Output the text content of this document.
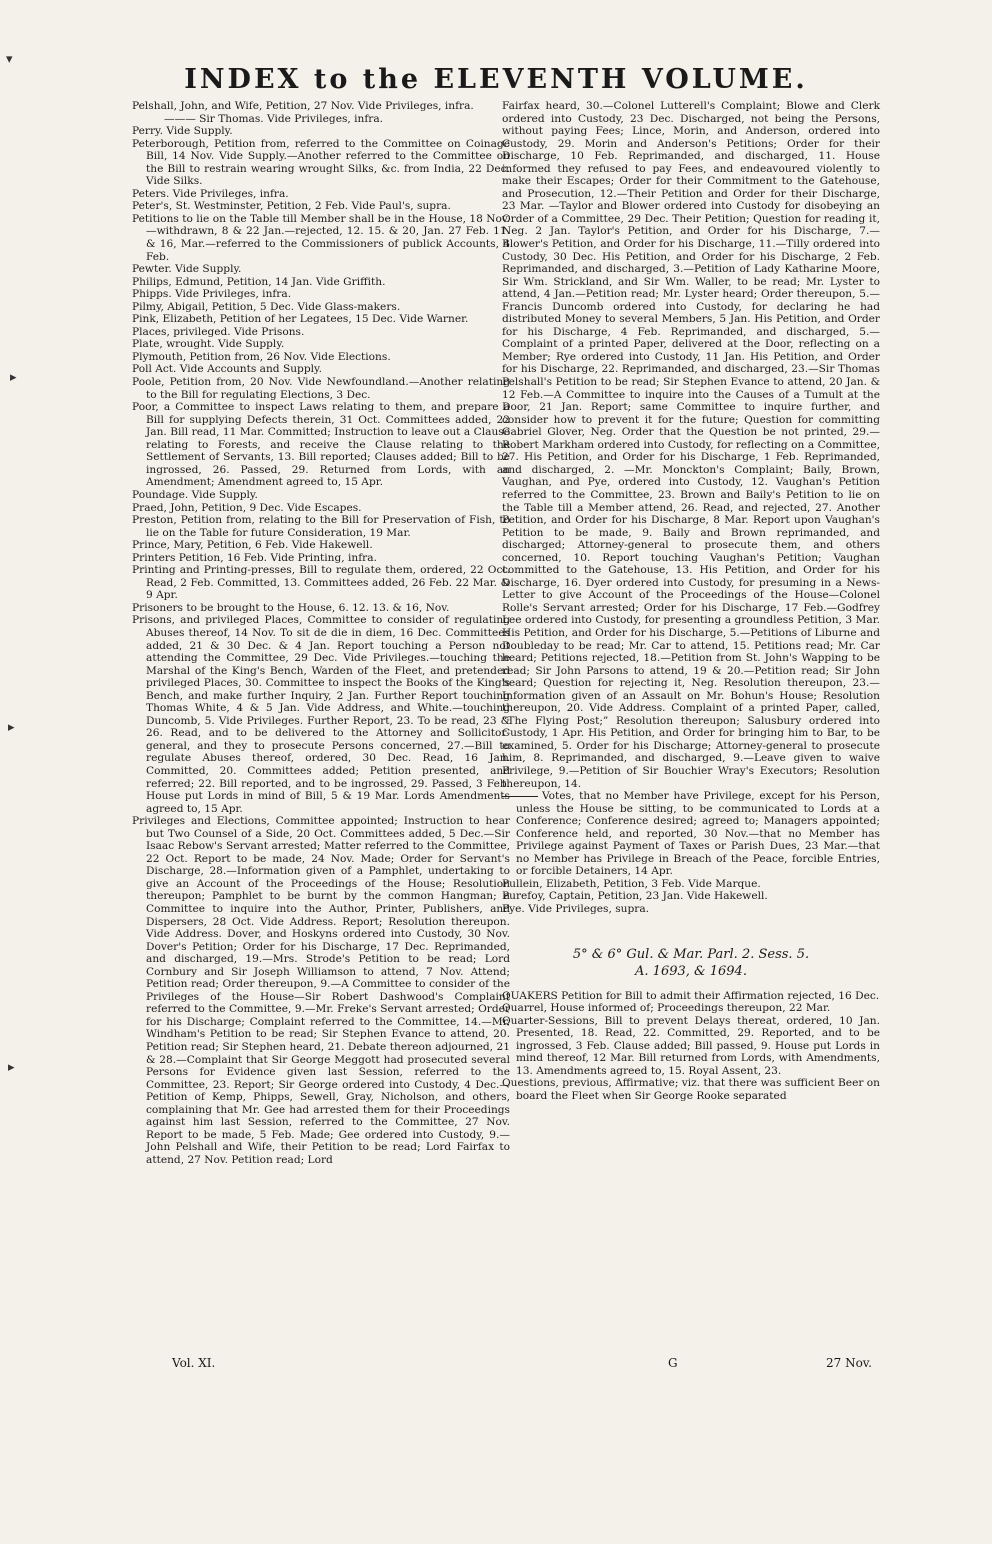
INDEX to the ELEVENTH VOLUME.
▾
▸
▸
▸

Pelshall, John, and Wife, Petition, 27 Nov. Vide Privileges, infra.

——— Sir Thomas. Vide Privileges, infra.

Perry. Vide Supply.

Peterborough, Petition from, referred to the Committee on Coinage Bill, 14 Nov. Vide Supply.—Another referred to the Committee on the Bill to restrain wearing wrought Silks, &c. from India, 22 Dec. Vide Silks.

Peters. Vide Privileges, infra.

Peter's, St. Westminster, Petition, 2 Feb. Vide Paul's, supra.

Petitions to lie on the Table till Member shall be in the House, 18 Nov.—withdrawn, 8 & 22 Jan.—rejected, 12. 15. & 20, Jan. 27 Feb. 11. & 16, Mar.—referred to the Commissioners of publick Accounts, 4 Feb.

Pewter. Vide Supply.

Philips, Edmund, Petition, 14 Jan. Vide Griffith.

Phipps. Vide Privileges, infra.

Pilmy, Abigail, Petition, 5 Dec. Vide Glass-makers.

Pink, Elizabeth, Petition of her Legatees, 15 Dec. Vide Warner.

Places, privileged. Vide Prisons.

Plate, wrought. Vide Supply.

Plymouth, Petition from, 26 Nov. Vide Elections.

Poll Act. Vide Accounts and Supply.

Poole, Petition from, 20 Nov. Vide Newfoundland.—Another relating to the Bill for regulating Elections, 3 Dec.

Poor, a Committee to inspect Laws relating to them, and prepare a Bill for supplying Defects therein, 31 Oct. Committees added, 22 Jan. Bill read, 11 Mar. Committed; Instruction to leave out a Clause relating to Forests, and receive the Clause relating to the Settlement of Servants, 13. Bill reported; Clauses added; Bill to be ingrossed, 26. Passed, 29. Returned from Lords, with an Amendment; Amendment agreed to, 15 Apr.

Poundage. Vide Supply.

Praed, John, Petition, 9 Dec. Vide Escapes.

Preston, Petition from, relating to the Bill for Preservation of Fish, to lie on the Table for future Consideration, 19 Mar.

Prince, Mary, Petition, 6 Feb. Vide Hakewell.

Printers Petition, 16 Feb. Vide Printing, infra.

Printing and Printing-presses, Bill to regulate them, ordered, 22 Oct. Read, 2 Feb. Committed, 13. Committees added, 26 Feb. 22 Mar. & 9 Apr.

Prisoners to be brought to the House, 6. 12. 13. & 16, Nov.

Prisons, and privileged Places, Committee to consider of regulating Abuses thereof, 14 Nov. To sit de die in diem, 16 Dec. Committees added, 21 & 30 Dec. & 4 Jan. Report touching a Person not attending the Committee, 29 Dec. Vide Privileges.—touching the Marshal of the King's Bench, Warden of the Fleet, and pretended privileged Places, 30. Committee to inspect the Books of the King's Bench, and make further Inquiry, 2 Jan. Further Report touching Thomas White, 4 & 5 Jan. Vide Address, and White.—touching Duncomb, 5. Vide Privileges. Further Report, 23. To be read, 23 & 26. Read, and to be delivered to the Attorney and Sollicitor-general, and they to prosecute Persons concerned, 27.—Bill to regulate Abuses thereof, ordered, 30 Dec. Read, 16 Jan. Committed, 20. Committees added; Petition presented, and referred; 22. Bill reported, and to be ingrossed, 29. Passed, 3 Feb. House put Lords in mind of Bill, 5 & 19 Mar. Lords Amendments agreed to, 15 Apr.

Privileges and Elections, Committee appointed; Instruction to hear but Two Counsel of a Side, 20 Oct. Committees added, 5 Dec.—Sir Isaac Rebow's Servant arrested; Matter referred to the Committee, 22 Oct. Report to be made, 24 Nov. Made; Order for Servant's Discharge, 28.—Information given of a Pamphlet, undertaking to give an Account of the Proceedings of the House; Resolution thereupon; Pamphlet to be burnt by the common Hangman; a Committee to inquire into the Author, Printer, Publishers, and Dispersers, 28 Oct. Vide Address. Report; Resolution thereupon. Vide Address. Dover, and Hoskyns ordered into Custody, 30 Nov. Dover's Petition; Order for his Discharge, 17 Dec. Reprimanded, and discharged, 19.—Mrs. Strode's Petition to be read; Lord Cornbury and Sir Joseph Williamson to attend, 7 Nov. Attend; Petition read; Order thereupon, 9.—A Committee to consider of the Privileges of the House—Sir Robert Dashwood's Complaint referred to the Committee, 9.—Mr. Freke's Servant arrested; Order for his Discharge; Complaint referred to the Committee, 14.—Mr. Windham's Petition to be read; Sir Stephen Evance to attend, 20. Petition read; Sir Stephen heard, 21. Debate thereon adjourned, 21 & 28.—Complaint that Sir George Meggott had prosecuted several Persons for Evidence given last Session, referred to the Committee, 23. Report; Sir George ordered into Custody, 4 Dec.—Petition of Kemp, Phipps, Sewell, Gray, Nicholson, and others, complaining that Mr. Gee had arrested them for their Proceedings against him last Session, referred to the Committee, 27 Nov. Report to be made, 5 Feb. Made; Gee ordered into Custody, 9.—John Pelshall and Wife, their Petition to be read; Lord Fairfax to attend, 27 Nov. Petition read; Lord

Fairfax heard, 30.—Colonel Lutterell's Complaint; Blowe and Clerk ordered into Custody, 23 Dec. Discharged, not being the Persons, without paying Fees; Lince, Morin, and Anderson, ordered into Custody, 29. Morin and Anderson's Petitions; Order for their Discharge, 10 Feb. Reprimanded, and discharged, 11. House informed they refused to pay Fees, and endeavoured violently to make their Escapes; Order for their Commitment to the Gatehouse, and Prosecution, 12.—Their Petition and Order for their Discharge, 23 Mar. —Taylor and Blower ordered into Custody for disobeying an Order of a Committee, 29 Dec. Their Petition; Question for reading it, Neg. 2 Jan. Taylor's Petition, and Order for his Discharge, 7.—Blower's Petition, and Order for his Discharge, 11.—Tilly ordered into Custody, 30 Dec. His Petition, and Order for his Discharge, 2 Feb. Reprimanded, and discharged, 3.—Petition of Lady Katharine Moore, Sir Wm. Strickland, and Sir Wm. Waller, to be read; Mr. Lyster to attend, 4 Jan.—Petition read; Mr. Lyster heard; Order thereupon, 5.—Francis Duncomb ordered into Custody, for declaring he had distributed Money to several Members, 5 Jan. His Petition, and Order for his Discharge, 4 Feb. Reprimanded, and discharged, 5.—Complaint of a printed Paper, delivered at the Door, reflecting on a Member; Rye ordered into Custody, 11 Jan. His Petition, and Order for his Discharge, 22. Reprimanded, and discharged, 23.—Sir Thomas Pelshall's Petition to be read; Sir Stephen Evance to attend, 20 Jan. & 12 Feb.—A Committee to inquire into the Causes of a Tumult at the Door, 21 Jan. Report; same Committee to inquire further, and consider how to prevent it for the future; Question for committing Gabriel Glover, Neg. Order that the Question be not printed, 29.—Robert Markham ordered into Custody, for reflecting on a Committee, 27. His Petition, and Order for his Discharge, 1 Feb. Reprimanded, and discharged, 2. —Mr. Monckton's Complaint; Baily, Brown, Vaughan, and Pye, ordered into Custody, 12. Vaughan's Petition referred to the Committee, 23. Brown and Baily's Petition to lie on the Table till a Member attend, 26. Read, and rejected, 27. Another Petition, and Order for his Discharge, 8 Mar. Report upon Vaughan's Petition to be made, 9. Baily and Brown reprimanded, and discharged; Attorney-general to prosecute them, and others concerned, 10. Report touching Vaughan's Petition; Vaughan committed to the Gatehouse, 13. His Petition, and Order for his Discharge, 16. Dyer ordered into Custody, for presuming in a News-Letter to give Account of the Proceedings of the House—Colonel Rolle's Servant arrested; Order for his Discharge, 17 Feb.—Godfrey Lee ordered into Custody, for presenting a groundless Petition, 3 Mar. His Petition, and Order for his Discharge, 5.—Petitions of Liburne and Doubleday to be read; Mr. Car to attend, 15. Petitions read; Mr. Car heard; Petitions rejected, 18.—Petition from St. John's Wapping to be read; Sir John Parsons to attend, 19 & 20.—Petition read; Sir John heard; Question for rejecting it, Neg. Resolution thereupon, 23.—Information given of an Assault on Mr. Bohun's House; Resolution thereupon, 20. Vide Address. Complaint of a printed Paper, called, “The Flying Post;” Resolution thereupon; Salusbury ordered into Custody, 1 Apr. His Petition, and Order for bringing him to Bar, to be examined, 5. Order for his Discharge; Attorney-general to prosecute him, 8. Reprimanded, and discharged, 9.—Leave given to waive Privilege, 9.—Petition of Sir Bouchier Wray's Executors; Resolution thereupon, 14.

Votes, that no Member have Privilege, except for his Person, unless the House be sitting, to be communicated to Lords at a Conference; Conference desired; agreed to; Managers appointed; Conference held, and reported, 30 Nov.—that no Member has Privilege against Payment of Taxes or Parish Dues, 23 Mar.—that no Member has Privilege in Breach of the Peace, forcible Entries, or forcible Detainers, 14 Apr.

Pullein, Elizabeth, Petition, 3 Feb. Vide Marque.

Purefoy, Captain, Petition, 23 Jan. Vide Hakewell.

Pye. Vide Privileges, supra.

5° & 6° Gul. & Mar. Parl. 2. Sess. 5.
A. 1693, & 1694.

QUAKERS Petition for Bill to admit their Affirmation rejected, 16 Dec.

Quarrel, House informed of; Proceedings thereupon, 22 Mar.

Quarter-Sessions, Bill to prevent Delays thereat, ordered, 10 Jan. Presented, 18. Read, 22. Committed, 29. Reported, and to be ingrossed, 3 Feb. Clause added; Bill passed, 9. House put Lords in mind thereof, 12 Mar. Bill returned from Lords, with Amendments, 13. Amendments agreed to, 15. Royal Assent, 23.

Questions, previous, Affirmative; viz. that there was sufficient Beer on board the Fleet when Sir George Rooke separated

Vol. XI.	G	27 Nov.
